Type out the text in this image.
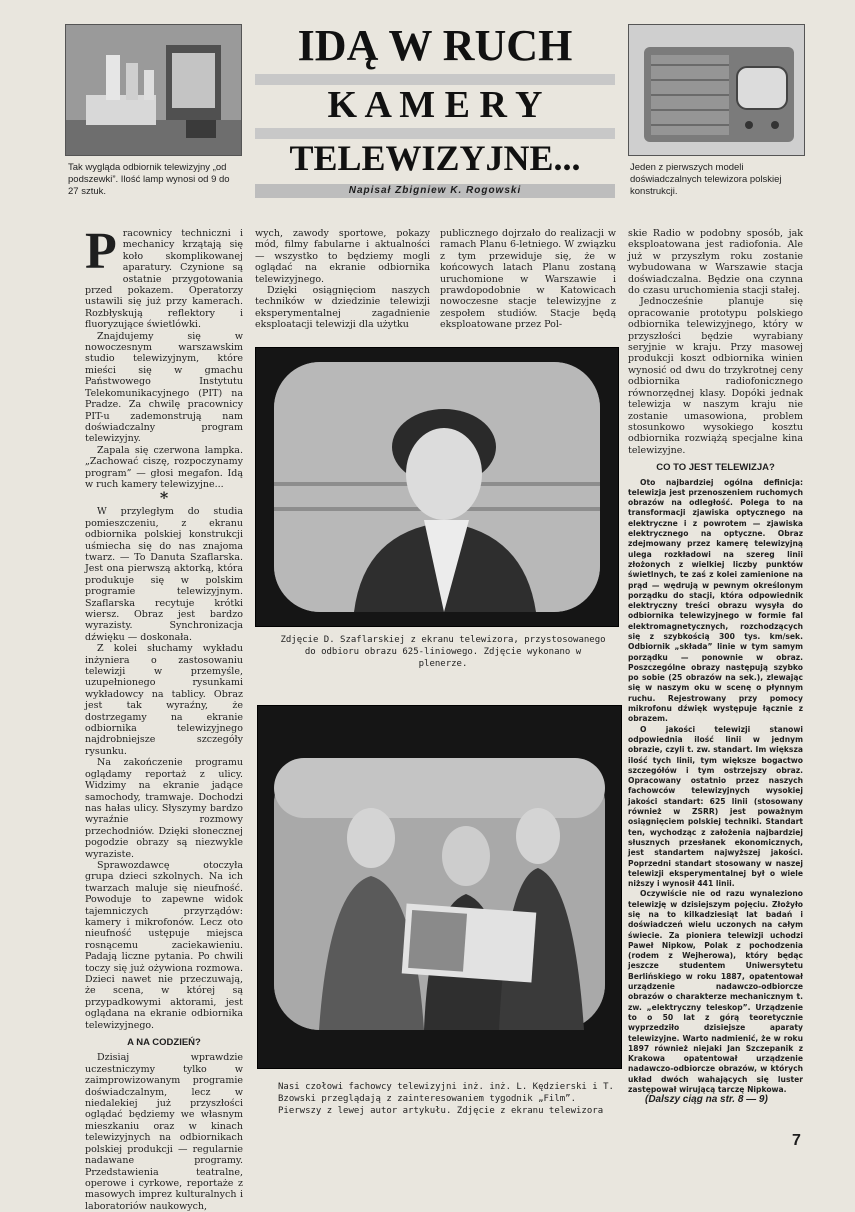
IDĄ W RUCH
K A M E R Y
TELEWIZYJNE...
Napisał Zbigniew K. Rogowski
Tak wygląda odbiornik telewizyjny „od podszewki”. Ilość lamp wynosi od 9 do 27 sztuk.
Jeden z pierwszych modeli doświadczalnych telewizora polskiej konstrukcji.

Pracownicy techniczni i mechanicy krzątają się koło skomplikowanej aparatury. Czynione są ostatnie przygotowania przed pokazem. Operatorzy ustawili się już przy kamerach. Rozbłyskują reflektory i fluoryzujące świetlówki.

Znajdujemy się w nowoczesnym warszawskim studio telewizyjnym, które mieści się w gmachu Państwowego Instytutu Telekomunikacyjnego (PIT) na Pradze. Za chwilę pracownicy PIT-u zademonstrują nam doświadczalny program telewizyjny.

Zapala się czerwona lampka. „Zachować ciszę, rozpoczynamy program” — głosi megafon. Idą w ruch kamery telewizyjne...

*

W przyległym do studia pomieszczeniu, z ekranu odbiornika polskiej konstrukcji uśmiecha się do nas znajoma twarz. — To Danuta Szaflarska. Jest ona pierwszą aktorką, która produkuje się w polskim programie telewizyjnym. Szaflarska recytuje krótki wiersz. Obraz jest bardzo wyrazisty. Synchronizacja dźwięku — doskonała.

Z kolei słuchamy wykładu inżyniera o zastosowaniu telewizji w przemyśle, uzupełnionego rysunkami wykładowcy na tablicy. Obraz jest tak wyraźny, że dostrzegamy na ekranie odbiornika telewizyjnego najdrobniejsze szczegóły rysunku.

Na zakończenie programu oglądamy reportaż z ulicy. Widzimy na ekranie jadące samochody, tramwaje. Dochodzi nas hałas ulicy. Słyszymy bardzo wyraźnie rozmowy przechodniów. Dzięki słonecznej pogodzie obrazy są niezwykle wyraziste.

Sprawozdawcę otoczyła grupa dzieci szkolnych. Na ich twarzach maluje się nieufność. Powoduje to zapewne widok tajemniczych przyrządów: kamery i mikrofonów. Lecz oto nieufność ustępuje miejsca rosnącemu zaciekawieniu. Padają liczne pytania. Po chwili toczy się już ożywiona rozmowa. Dzieci nawet nie przeczuwają, że scena, w której są przypadkowymi aktorami, jest oglądana na ekranie odbiornika telewizyjnego.

A NA CODZIEŃ?

Dzisiaj wprawdzie uczestniczymy tylko w zaimprowizowanym programie doświadczalnym, lecz w niedalekiej już przyszłości oglądać będziemy we własnym mieszkaniu oraz w kinach telewizyjnych na odbiornikach polskiej produkcji — regularnie nadawane programy. Przedstawienia teatralne, operowe i cyrkowe, reportaże z masowych imprez kulturalnych i laboratoriów naukowych,

wych, zawody sportowe, pokazy mód, filmy fabularne i aktualności — wszystko to będziemy mogli oglądać na ekranie odbiornika telewizyjnego.

Dzięki osiągnięciom naszych techników w dziedzinie telewizji eksperymentalnej zagadnienie eksploatacji telewizji dla użytku

publicznego dojrzało do realizacji w ramach Planu 6-letniego. W związku z tym przewiduje się, że w końcowych latach Planu zostaną uruchomione w Warszawie i prawdopodobnie w Katowicach nowoczesne stacje telewizyjne z zespołem studiów. Stacje będą eksploatowane przez Pol-

skie Radio w podobny sposób, jak eksploatowana jest radiofonia. Ale już w przyszłym roku zostanie wybudowana w Warszawie stacja doświadczalna. Będzie ona czynna do czasu uruchomienia stacji stałej.

Jednocześnie planuje się opracowanie prototypu polskiego odbiornika telewizyjnego, który w przyszłości będzie wyrabiany seryjnie w kraju. Przy masowej produkcji koszt odbiornika winien wynosić od dwu do trzykrotnej ceny odbiornika radiofonicznego równorzędnej klasy. Dopóki jednak telewizja w naszym kraju nie zostanie umasowiona, problem stosunkowo wysokiego kosztu odbiornika rozwiążą specjalne kina telewizyjne.

CO TO JEST TELEWIZJA?

Oto najbardziej ogólna definicja: telewizja jest przenoszeniem ruchomych obrazów na odległość. Polega to na transformacji zjawiska optycznego na elektryczne i z powrotem — zjawiska elektrycznego na optyczne. Obraz zdejmowany przez kamerę telewizyjną ulega rozkładowi na szereg linii złożonych z wielkiej liczby punktów świetlnych, te zaś z kolei zamienione na prąd — wędrują w pewnym określonym porządku do stacji, która odpowiednik elektryczny treści obrazu wysyła do odbiornika telewizyjnego w formie fal elektromagnetycznych, rozchodzących się z szybkością 300 tys. km/sek. Odbiornik „składa” linie w tym samym porządku — ponownie w obraz. Poszczególne obrazy następują szybko po sobie (25 obrazów na sek.), zlewając się w naszym oku w scenę o płynnym ruchu. Rejestrowany przy pomocy mikrofonu dźwięk występuje łącznie z obrazem.

O jakości telewizji stanowi odpowiednia ilość linii w jednym obrazie, czyli t. zw. standart. Im większa ilość tych linii, tym większe bogactwo szczegółów i tym ostrzejszy obraz. Opracowany ostatnio przez naszych fachowców telewizyjnych wysokiej jakości standart: 625 linii (stosowany również w ZSRR) jest poważnym osiągnięciem polskiej techniki. Standart ten, wychodząc z założenia najbardziej słusznych przesłanek ekonomicznych, jest standartem najwyższej jakości. Poprzedni standart stosowany w naszej telewizji eksperymentalnej był o wiele niższy i wynosił 441 linii.

Oczywiście nie od razu wynaleziono telewizję w dzisiejszym pojęciu. Złożyło się na to kilkadziesiąt lat badań i doświadczeń wielu uczonych na całym świecie. Za pioniera telewizji uchodzi Paweł Nipkow, Polak z pochodzenia (rodem z Wejherowa), który będąc jeszcze studentem Uniwersytetu Berlińskiego w roku 1887, opatentował urządzenie nadawczo-odbiorcze obrazów o charakterze mechanicznym t. zw. „elektryczny teleskop”. Urządzenie to o 50 lat z górą teoretycznie wyprzedziło dzisiejsze aparaty telewizyjne. Warto nadmienić, że w roku 1897 również niejaki Jan Szczepanik z Krakowa opatentował urządzenie nadawczo-odbiorcze obrazów, w których układ dwóch wahających się luster zastępował wirującą tarczę Nipkowa.

Zdjęcie D. Szaflarskiej z ekranu telewizora, przystosowanego do odbioru obrazu 625-liniowego. Zdjęcie wykonano w plenerze.
Nasi czołowi fachowcy telewizyjni inż. inż. L. Kędzierski i T. Bzowski przeglądają z zainteresowaniem tygodnik „Film”. Pierwszy z lewej autor artykułu. Zdjęcie z ekranu telewizora
(Dalszy ciąg na str. 8 — 9)
7
